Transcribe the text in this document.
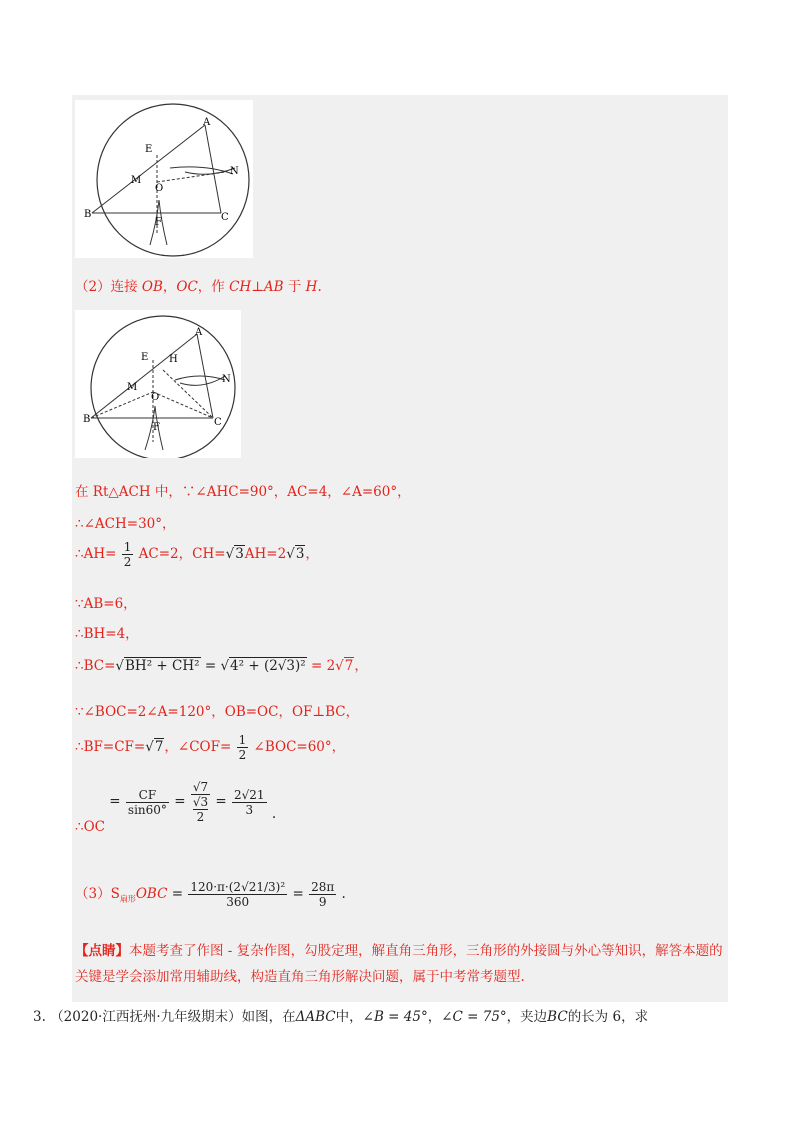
A
E
M
O
N
B
F	C
（2）连接 OB，OC，作 CH⊥AB 于 H.
A
E H
M
O
N
B
F	C
在 Rt△ACH 中，∵∠AHC=90°，AC=4，∠A=60°，
∴∠ACH=30°，
∴AH= $\frac{1}{2} AC=2$，CH=√3AH=2√3，
∵AB=6，
∴BH=4，
∴BC=√BH² + CH² = √4² + (2√3)² = 2√7，
∵∠BOC=2∠A=120°，OB=OC，OF⊥BC，
∴BF=CF=√7，∠COF= $\frac{1}{2}$ ∠BOC=60°，
∴OC = $\frac{CF}{\sin 60^\circ} = √7$
√3
$2 = \frac{2√21}{3}$ .
$(3)S_{扇形}OBC = \frac{\text{120·π·(2√21/3)²}}{360} = \frac{28\pi}{9}$ .
【点睛】本题考查了作图 - 复杂作图，勾股定理，解直角三角形，三角形的外接圆与外心等知识，解答本题的关键是学会添加常用辅助线，构造直角三角形解决问题，属于中考常考题型.
3. （2020·江西抚州·九年级期末）如图，在ΔABC中，∠B = 45°，∠C = 75°，夹边BC的长为 6，求
